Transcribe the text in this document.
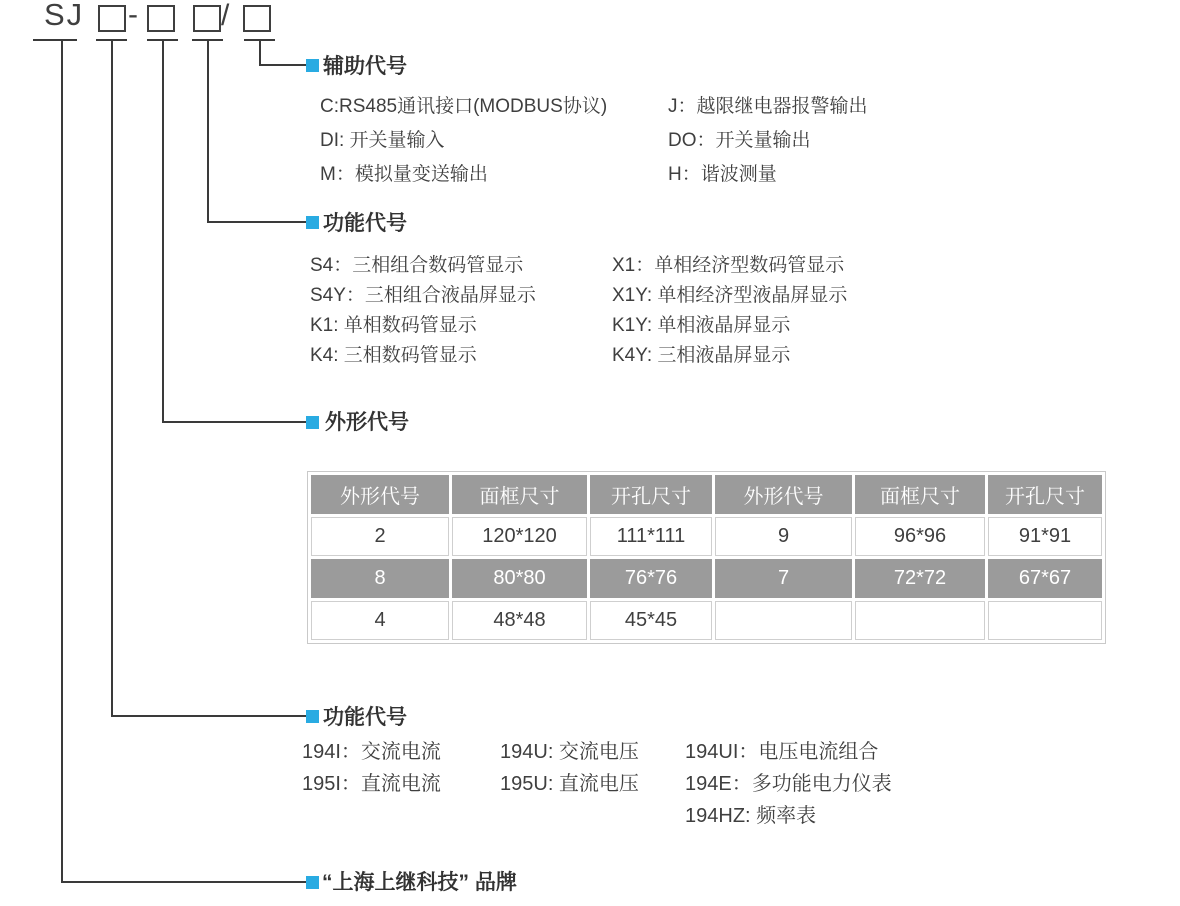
SJ -	/
辅助代号
C:RS485通讯接口(MODBUS协议)
DI: 开关量输入
M：模拟量变送输出
J：越限继电器报警输出
DO：开关量输出
H：谐波测量
功能代号
S4：三相组合数码管显示
S4Y：三相组合液晶屏显示
K1: 单相数码管显示
K4: 三相数码管显示
X1：单相经济型数码管显示
X1Y: 单相经济型液晶屏显示
K1Y: 单相液晶屏显示
K4Y: 三相液晶屏显示
外形代号
外形代号	面框尺寸	开孔尺寸	外形代号	面框尺寸	开孔尺寸
2	120*120	111*111	9	96*96	91*91
8	80*80	76*76	7	72*72	67*67
4	48*48	45*45
功能代号
194I：交流电流
195I：直流电流
194U: 交流电压
195U: 直流电压
194UI：电压电流组合
194E：多功能电力仪表
194HZ: 频率表
“上海上继科技” 品牌
